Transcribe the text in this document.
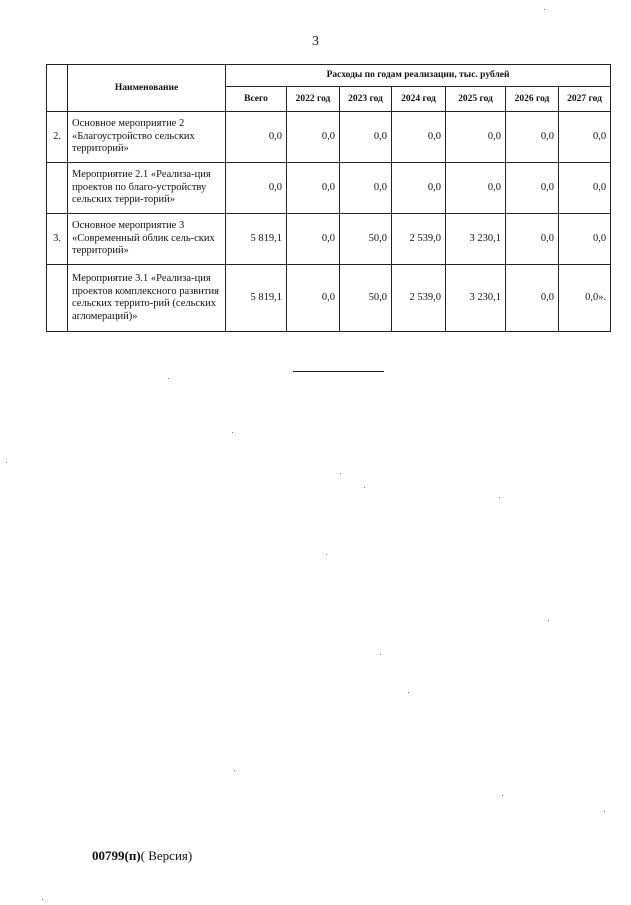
3
	Наименование	Расходы по годам реализации, тыс. рублей						
		Всего	2022 год	2023 год	2024 год	2025 год	2026 год	2027 год
2.	Основное мероприятие 2 «Благоустройство сельских территорий»	0,0	0,0	0,0	0,0	0,0	0,0	0,0
	Мероприятие 2.1 «Реализа-ция проектов по благо-устройству сельских терри-торий»	0,0	0,0	0,0	0,0	0,0	0,0	0,0
3.	Основное мероприятие 3 «Современный облик сель-ских территорий»	5 819,1	0,0	50,0	2 539,0	3 230,1	0,0	0,0
	Мероприятие 3.1 «Реализа-ция проектов комплексного развития сельских террито-рий (сельских агломераций)»	5 819,1	0,0	50,0	2 539,0	3 230,1	0,0	0,0».
00799(п)( Версия)
